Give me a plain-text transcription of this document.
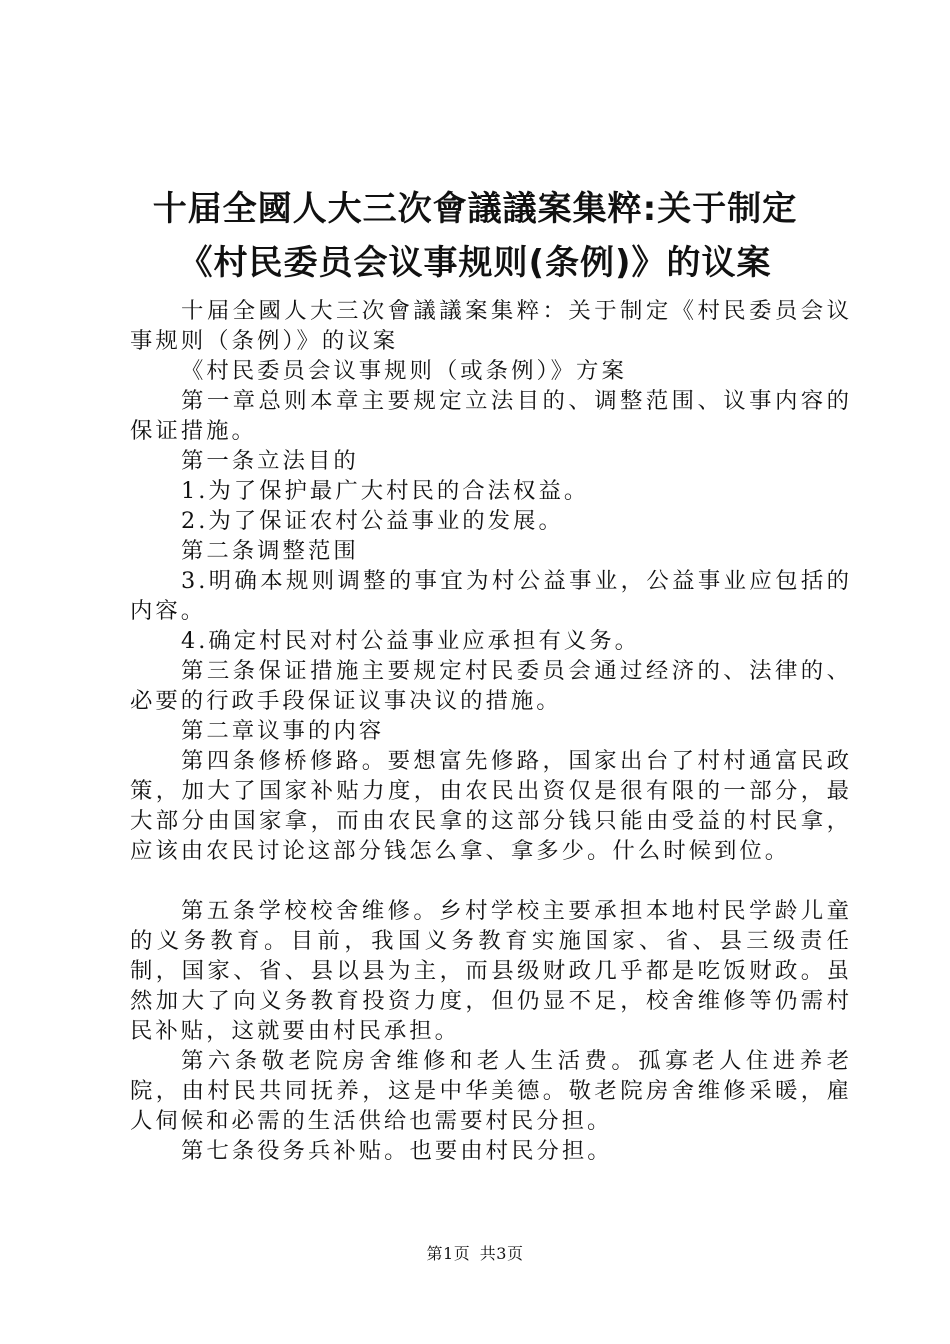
十届全國人大三次會議議案集粹:关于制定
《村民委员会议事规则(条例)》的议案

十届全國人大三次會議議案集粹：关于制定《村民委员会议事规则（条例）》的议案

《村民委员会议事规则（或条例）》方案

第一章总则本章主要规定立法目的、调整范围、议事内容的保证措施。

第一条立法目的

1.为了保护最广大村民的合法权益。

2.为了保证农村公益事业的发展。

第二条调整范围

3.明确本规则调整的事宜为村公益事业，公益事业应包括的内容。

4.确定村民对村公益事业应承担有义务。

第三条保证措施主要规定村民委员会通过经济的、法律的、必要的行政手段保证议事决议的措施。

第二章议事的内容

第四条修桥修路。要想富先修路，国家出台了村村通富民政策，加大了国家补贴力度，由农民出资仅是很有限的一部分，最大部分由国家拿，而由农民拿的这部分钱只能由受益的村民拿，应该由农民讨论这部分钱怎么拿、拿多少。什么时候到位。

第五条学校校舍维修。乡村学校主要承担本地村民学龄儿童的义务教育。目前，我国义务教育实施国家、省、县三级责任制，国家、省、县以县为主，而县级财政几乎都是吃饭财政。虽然加大了向义务教育投资力度，但仍显不足，校舍维修等仍需村民补贴，这就要由村民承担。

第六条敬老院房舍维修和老人生活费。孤寡老人住进养老院，由村民共同抚养，这是中华美德。敬老院房舍维修采暖，雇人伺候和必需的生活供给也需要村民分担。

第七条役务兵补贴。也要由村民分担。

第1页 共3页
